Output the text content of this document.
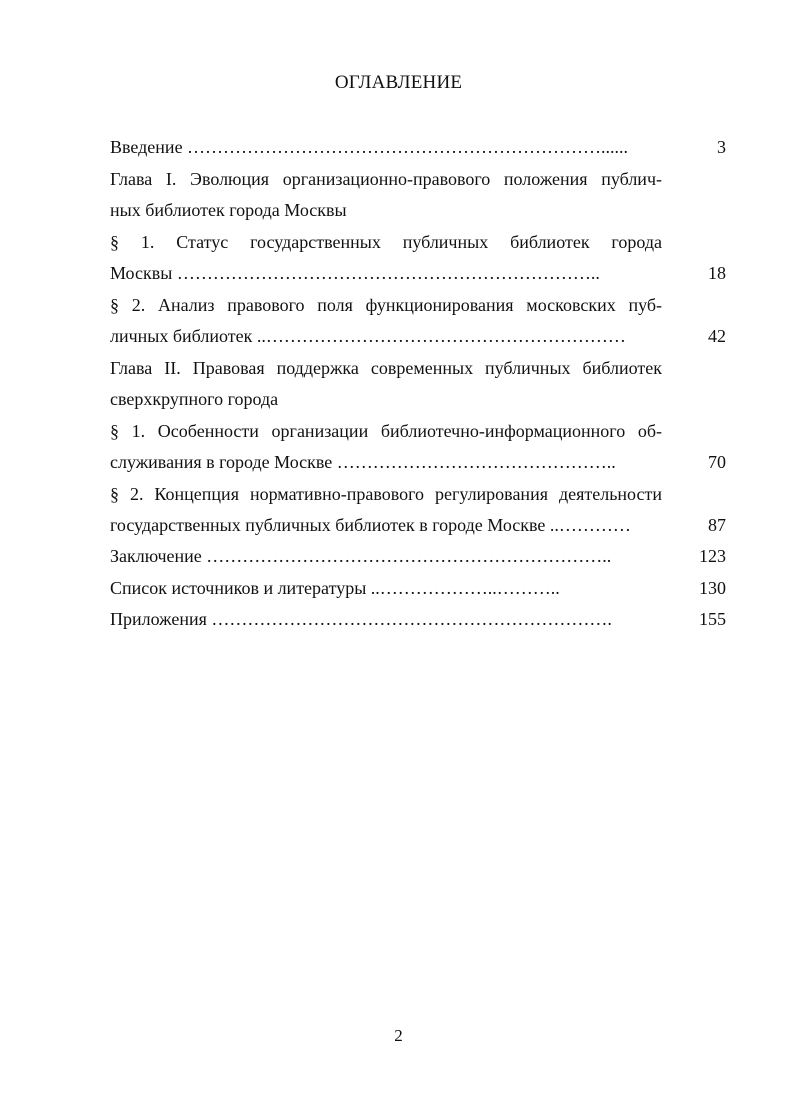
ОГЛАВЛЕНИЕ
Введение ……………………………………………………………......	3
Глава I. Эволюция организационно-правового положения публич-
ных библиотек города Москвы
§ 1. Статус государственных публичных библиотек города
Москвы ……………………………………………………………..	18
§ 2. Анализ правового поля функционирования московских пуб-
личных библиотек ..……………………………………………………	42
Глава II. Правовая поддержка современных публичных библиотек
сверхкрупного города
§ 1. Особенности организации библиотечно-информационного об-
служивания в городе Москве ………………………………………..	70
§ 2. Концепция нормативно-правового регулирования деятельности
государственных публичных библиотек в городе Москве ..…………	87
Заключение …………………………………………………………..	123
Список источников и литературы ..………………..………..	130
Приложения ………………………………………………………….	155
2
